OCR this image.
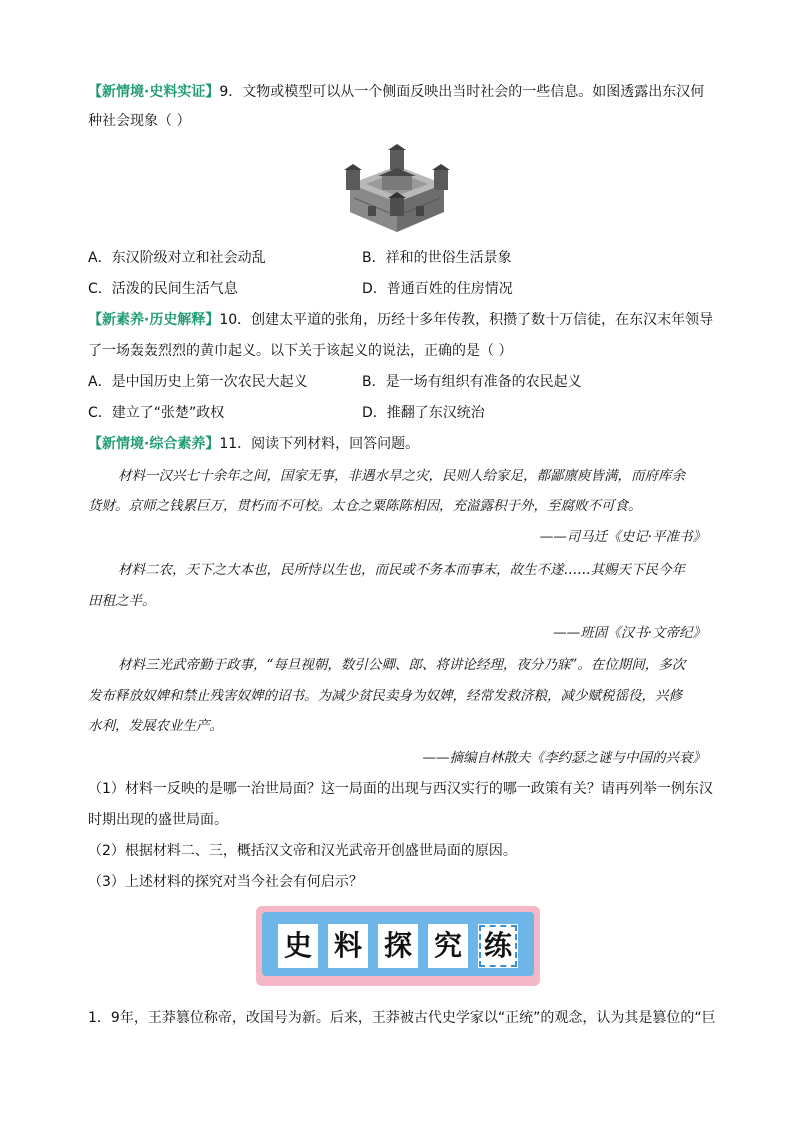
【新情境·史料实证】9．文物或模型可以从一个侧面反映出当时社会的一些信息。如图透露出东汉何
种社会现象（ ）
A．东汉阶级对立和社会动乱	B．祥和的世俗生活景象
C．活泼的民间生活气息	D．普通百姓的住房情况
【新素养·历史解释】10．创建太平道的张角，历经十多年传教，积攒了数十万信徒，在东汉末年领导
了一场轰轰烈烈的黄巾起义。以下关于该起义的说法，正确的是（ ）
A．是中国历史上第一次农民大起义	B．是一场有组织有准备的农民起义
C．建立了“张楚”政权	D．推翻了东汉统治
【新情境·综合素养】11．阅读下列材料，回答问题。
材料一汉兴七十余年之间，国家无事，非遇水旱之灾，民则人给家足，都鄙廪庾皆满，而府库余
货财。京师之钱累巨万，贯朽而不可校。太仓之粟陈陈相因，充溢露积于外，至腐败不可食。
——司马迁《史记·平准书》
材料二农，天下之大本也，民所恃以生也，而民或不务本而事末，故生不遂……其赐天下民今年
田租之半。
——班固《汉书·文帝纪》
材料三光武帝勤于政事，“每旦视朝，数引公卿、郎、将讲论经理，夜分乃寐”。在位期间，多次
发布释放奴婢和禁止残害奴婢的诏书。为减少贫民卖身为奴婢，经常发救济粮，减少赋税徭役，兴修
水利，发展农业生产。
——摘编自林散夫《李约瑟之谜与中国的兴衰》
（1）材料一反映的是哪一治世局面？这一局面的出现与西汉实行的哪一政策有关？请再列举一例东汉
时期出现的盛世局面。
（2）根据材料二、三，概括汉文帝和汉光武帝开创盛世局面的原因。
（3）上述材料的探究对当今社会有何启示？
史 料 探 究 练
1．9年，王莽篡位称帝，改国号为新。后来，王莽被古代史学家以“正统”的观念，认为其是篡位的“巨
